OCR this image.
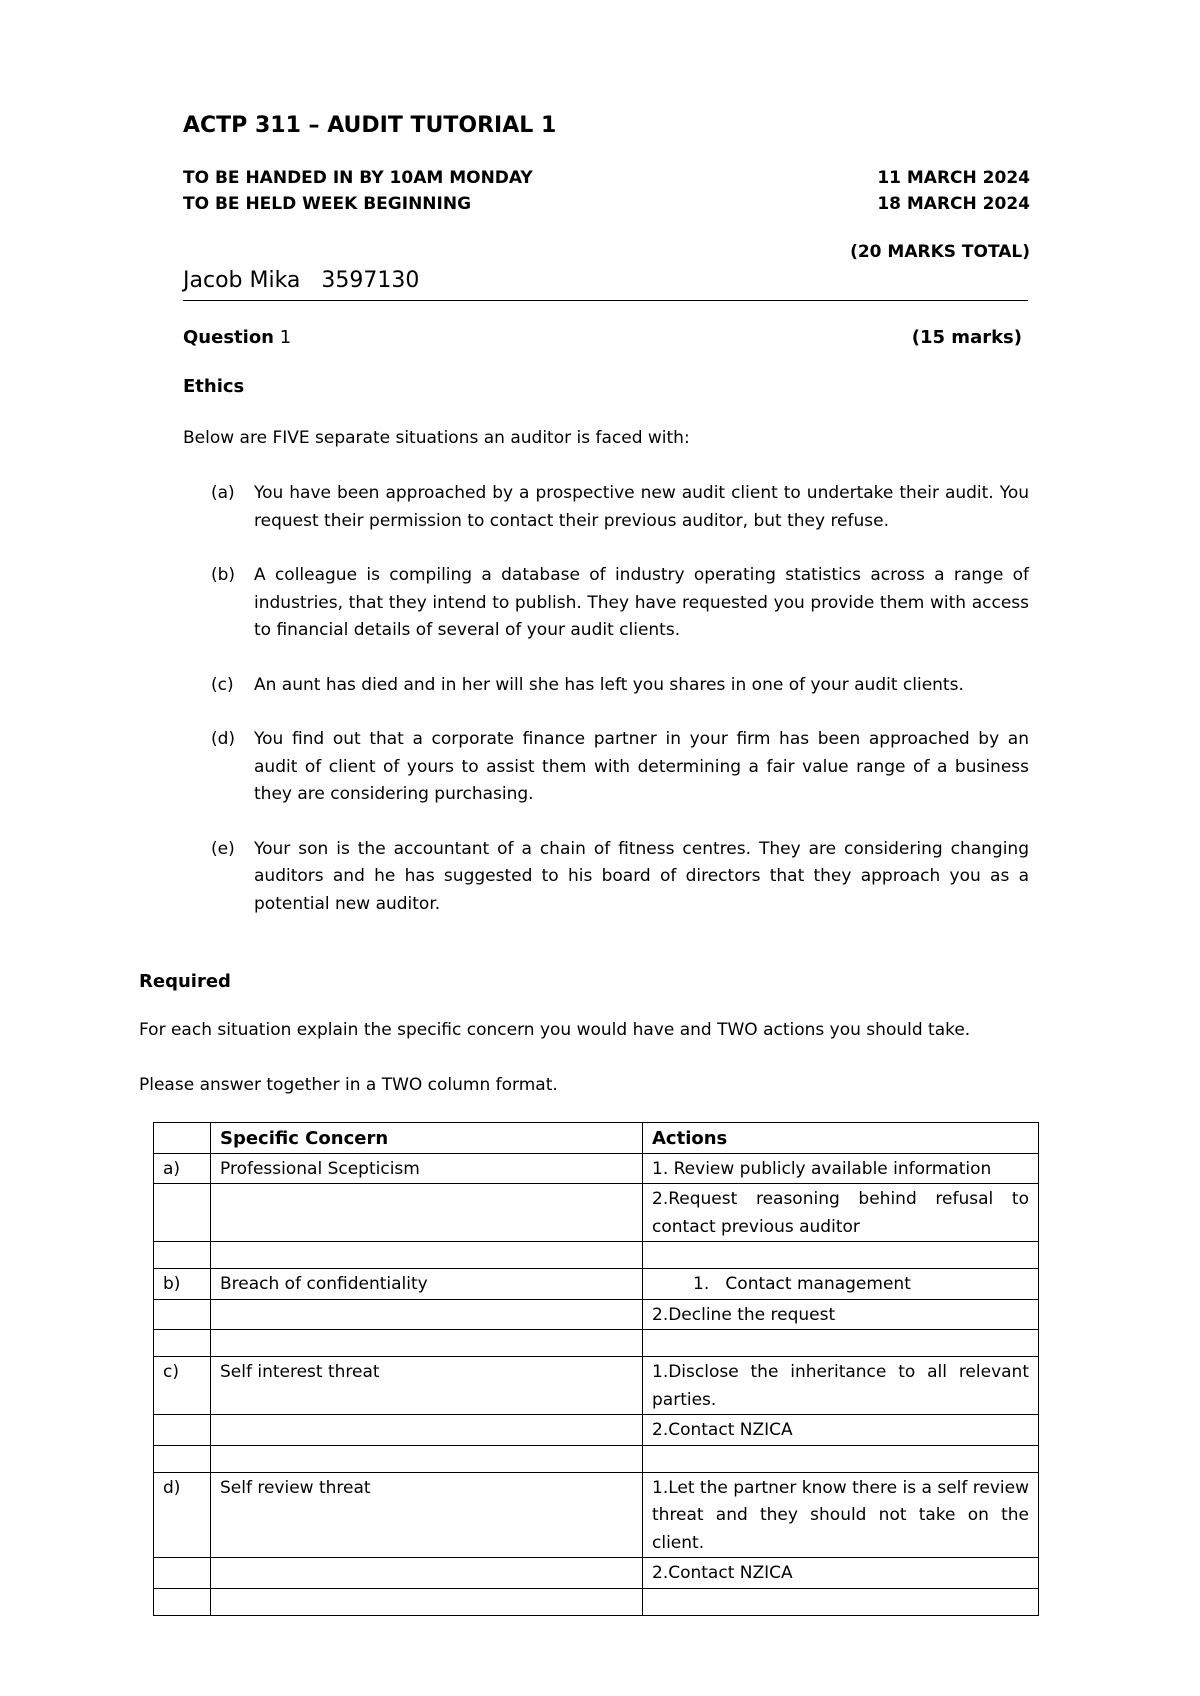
ACTP 311 – AUDIT TUTORIAL 1
TO BE HANDED IN BY 10AM MONDAY	11 MARCH 2024
TO BE HELD WEEK BEGINNING	18 MARCH 2024
(20 MARKS TOTAL)
Jacob Mika   3597130
Question 1	(15 marks)
Ethics
Below are FIVE separate situations an auditor is faced with:
(a)	You have been approached by a prospective new audit client to undertake their audit. You request their permission to contact their previous auditor, but they refuse.
(b)	A colleague is compiling a database of industry operating statistics across a range of industries, that they intend to publish. They have requested you provide them with access to financial details of several of your audit clients.
(c)	An aunt has died and in her will she has left you shares in one of your audit clients.
(d)	You find out that a corporate finance partner in your firm has been approached by an audit of client of yours to assist them with determining a fair value range of a business they are considering purchasing.
(e)	Your son is the accountant of a chain of fitness centres. They are considering changing auditors and he has suggested to his board of directors that they approach you as a potential new auditor.
Required
For each situation explain the specific concern you would have and TWO actions you should take.
Please answer together in a TWO column format.
	Specific Concern	Actions
a)	Professional Scepticism	1. Review publicly available information
		2.Request reasoning behind refusal to contact previous auditor

b)	Breach of confidentiality	1.   Contact management
		2.Decline the request

c)	Self interest threat	1.Disclose the inheritance to all relevant parties.
		2.Contact NZICA

d)	Self review threat	1.Let the partner know there is a self review threat and they should not take on the client.
		2.Contact NZICA
